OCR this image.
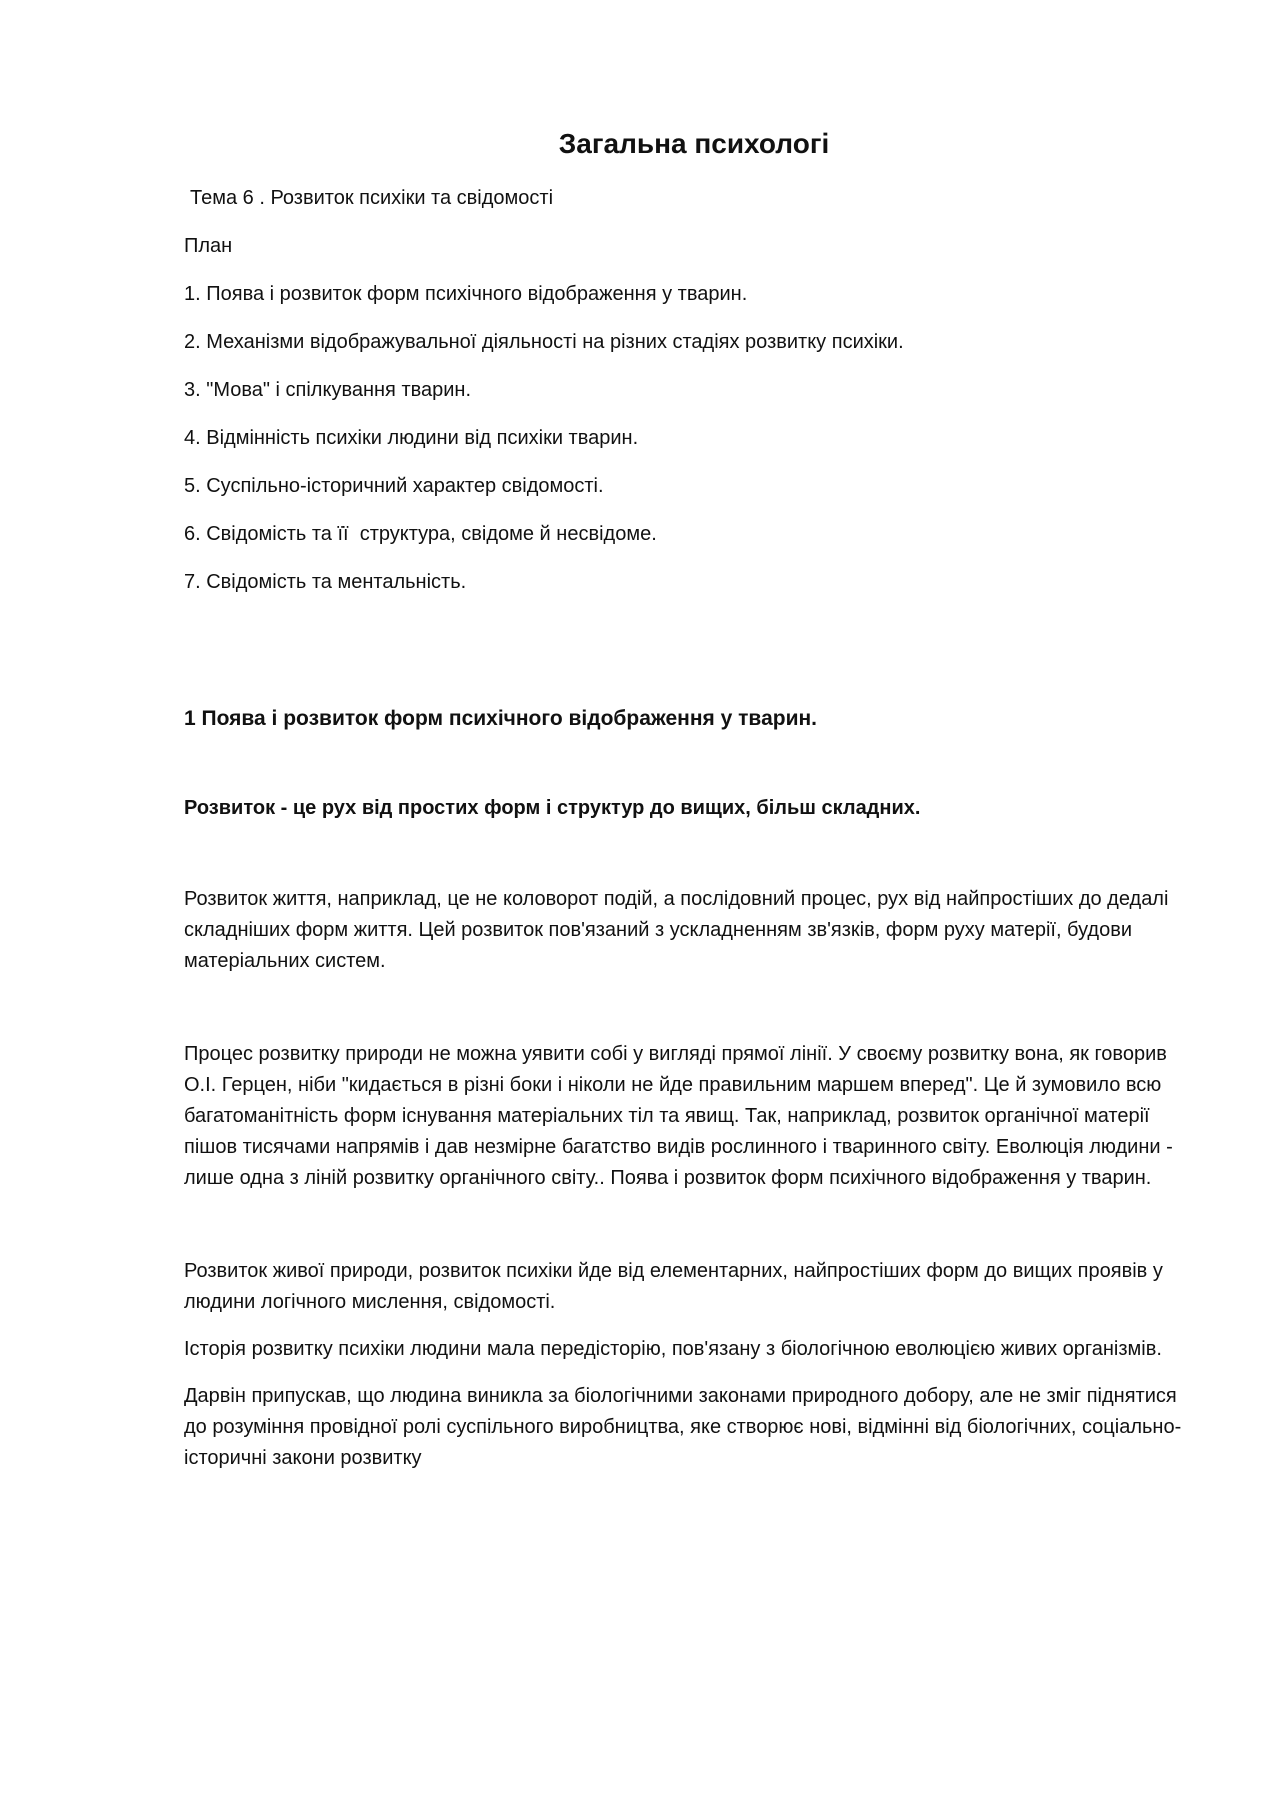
Загальна психологі

Тема 6 . Розвиток психіки та свідомості

План

1. Поява і розвиток форм психічного відображення у тварин.
2. Механізми відображувальної діяльності на різних стадіях розвитку психіки.
3. "Мова" і спілкування тварин.
4. Відмінність психіки людини від психіки тварин.
5. Суспільно-історичний характер свідомості.
6. Свідомість та її  структура, свідоме й несвідоме.
7. Свідомість та ментальність.
1 Поява і розвиток форм психічного відображення у тварин.

Розвиток - це рух від простих форм і структур до вищих, більш складних.

Розвиток життя, наприклад, це не коловорот подій, а послідовний процес, рух від найпростіших до дедалі складніших форм життя. Цей розвиток пов'язаний з ускладненням зв'язків, форм руху матерії, будови матеріальних систем.

Процес розвитку природи не можна уявити собі у вигляді прямої лінії. У своєму розвитку вона, як говорив О.І. Герцен, ніби "кидається в різні боки і ніколи не йде правильним маршем вперед". Це й зумовило всю багатоманітність форм існування матеріальних тіл та явищ. Так, наприклад, розвиток органічної матерії пішов тисячами напрямів і дав незмірне багатство видів рослинного і тваринного світу. Еволюція людини - лише одна з ліній розвитку органічного світу.. Поява і розвиток форм психічного відображення у тварин.

Розвиток живої природи, розвиток психіки йде від елементарних, найпростіших форм до вищих проявів у людини логічного мислення, свідомості.

Історія розвитку психіки людини мала передісторію, пов'язану з біологічною еволюцією живих організмів.

Дарвін припускав, що людина виникла за біологічними законами природного добору, але не зміг піднятися до розуміння провідної ролі суспільного виробництва, яке створює нові, відмінні від біологічних, соціально-історичні закони розвитку
